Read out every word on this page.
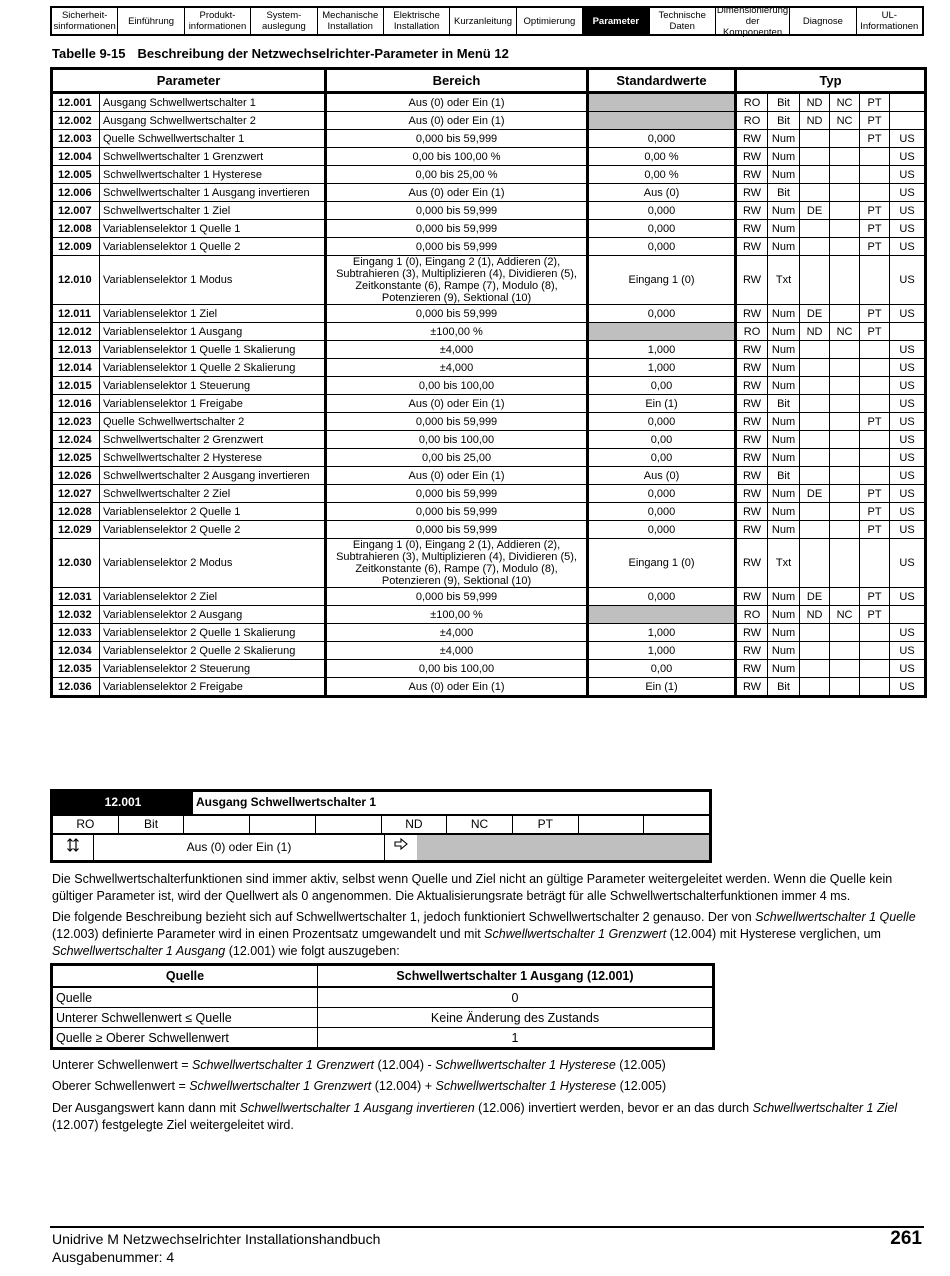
Sicherheit-
sinformationen	Einführung	Produkt-
informationen
System-
auslegung
Mechanische
Installation
Elektrische
Installation	Kurzanleitung	Optimierung	Parameter	Technische
Daten
Dimensionierung
der Komponenten
Diagnose	UL-
Informationen
Tabelle 9-15 Beschreibung der Netzwechselrichter-Parameter in Menü 12
Parameter		Bereich	Standardwerte	Typ					
12.001	Ausgang Schwellwertschalter 1	Aus (0) oder Ein (1)		RO	Bit	ND	NC	PT	
12.002	Ausgang Schwellwertschalter 2	Aus (0) oder Ein (1)		RO	Bit	ND	NC	PT	
12.003	Quelle Schwellwertschalter 1	0,000 bis 59,999	0,000	RW	Num			PT	US
12.004	Schwellwertschalter 1 Grenzwert	0,00 bis 100,00 %	0,00 %	RW	Num				US
12.005	Schwellwertschalter 1 Hysterese	0,00 bis 25,00 %	0,00 %	RW	Num				US
12.006	Schwellwertschalter 1 Ausgang invertieren	Aus (0) oder Ein (1)	Aus (0)	RW	Bit				US
12.007	Schwellwertschalter 1 Ziel	0,000 bis 59,999	0,000	RW	Num	DE		PT	US
12.008	Variablenselektor 1 Quelle 1	0,000 bis 59,999	0,000	RW	Num			PT	US
12.009	Variablenselektor 1 Quelle 2	0,000 bis 59,999	0,000	RW	Num			PT	US
12.010	Variablenselektor 1 Modus	Eingang 1 (0), Eingang 2 (1), Addieren (2), Subtrahieren (3), Multiplizieren (4), Dividieren (5), Zeitkonstante (6), Rampe (7), Modulo (8), Potenzieren (9), Sektional (10)	Eingang 1 (0)	RW	Txt				US
12.011	Variablenselektor 1 Ziel	0,000 bis 59,999	0,000	RW	Num	DE		PT	US
12.012	Variablenselektor 1 Ausgang	±100,00 %		RO	Num	ND	NC	PT	
12.013	Variablenselektor 1 Quelle 1 Skalierung	±4,000	1,000	RW	Num				US
12.014	Variablenselektor 1 Quelle 2 Skalierung	±4,000	1,000	RW	Num				US
12.015	Variablenselektor 1 Steuerung	0,00 bis 100,00	0,00	RW	Num				US
12.016	Variablenselektor 1 Freigabe	Aus (0) oder Ein (1)	Ein (1)	RW	Bit				US
12.023	Quelle Schwellwertschalter 2	0,000 bis 59,999	0,000	RW	Num			PT	US
12.024	Schwellwertschalter 2 Grenzwert	0,00 bis 100,00	0,00	RW	Num				US
12.025	Schwellwertschalter 2 Hysterese	0,00 bis 25,00	0,00	RW	Num				US
12.026	Schwellwertschalter 2 Ausgang invertieren	Aus (0) oder Ein (1)	Aus (0)	RW	Bit				US
12.027	Schwellwertschalter 2 Ziel	0,000 bis 59,999	0,000	RW	Num	DE		PT	US
12.028	Variablenselektor 2 Quelle 1	0,000 bis 59,999	0,000	RW	Num			PT	US
12.029	Variablenselektor 2 Quelle 2	0,000 bis 59,999	0,000	RW	Num			PT	US
12.030	Variablenselektor 2 Modus	Eingang 1 (0), Eingang 2 (1), Addieren (2), Subtrahieren (3), Multiplizieren (4), Dividieren (5), Zeitkonstante (6), Rampe (7), Modulo (8), Potenzieren (9), Sektional (10)	Eingang 1 (0)	RW	Txt				US
12.031	Variablenselektor 2 Ziel	0,000 bis 59,999	0,000	RW	Num	DE		PT	US
12.032	Variablenselektor 2 Ausgang	±100,00 %		RO	Num	ND	NC	PT	
12.033	Variablenselektor 2 Quelle 1 Skalierung	±4,000	1,000	RW	Num				US
12.034	Variablenselektor 2 Quelle 2 Skalierung	±4,000	1,000	RW	Num				US
12.035	Variablenselektor 2 Steuerung	0,00 bis 100,00	0,00	RW	Num				US
12.036	Variablenselektor 2 Freigabe	Aus (0) oder Ein (1)	Ein (1)	RW	Bit				US
12.001	Ausgang Schwellwertschalter 1
RO	Bit	ND	NC	PT
Aus (0) oder Ein (1)

Die Schwellwertschalterfunktionen sind immer aktiv, selbst wenn Quelle und Ziel nicht an gültige Parameter weitergeleitet werden. Wenn die Quelle kein gültiger Parameter ist, wird der Quellwert als 0 angenommen. Die Aktualisierungsrate beträgt für alle Schwellwertschalterfunktionen immer 4 ms.

Die folgende Beschreibung bezieht sich auf Schwellwertschalter 1, jedoch funktioniert Schwellwertschalter 2 genauso. Der von Schwellwertschalter 1 Quelle (12.003) definierte Parameter wird in einen Prozentsatz umgewandelt und mit Schwellwertschalter 1 Grenzwert (12.004) mit Hysterese verglichen, um Schwellwertschalter 1 Ausgang (12.001) wie folgt auszugeben:

Quelle	Schwellwertschalter 1 Ausgang (12.001)
Quelle	0
Unterer Schwellenwert ≤ Quelle	Keine Änderung des Zustands
Quelle ≥ Oberer Schwellenwert	1

Unterer Schwellenwert = Schwellwertschalter 1 Grenzwert (12.004) - Schwellwertschalter 1 Hysterese (12.005)

Oberer Schwellenwert = Schwellwertschalter 1 Grenzwert (12.004) + Schwellwertschalter 1 Hysterese (12.005)

Der Ausgangswert kann dann mit Schwellwertschalter 1 Ausgang invertieren (12.006) invertiert werden, bevor er an das durch Schwellwertschalter 1 Ziel (12.007) festgelegte Ziel weitergeleitet wird.

Unidrive M Netzwechselrichter Installationshandbuch
Ausgabenummer: 4
261
